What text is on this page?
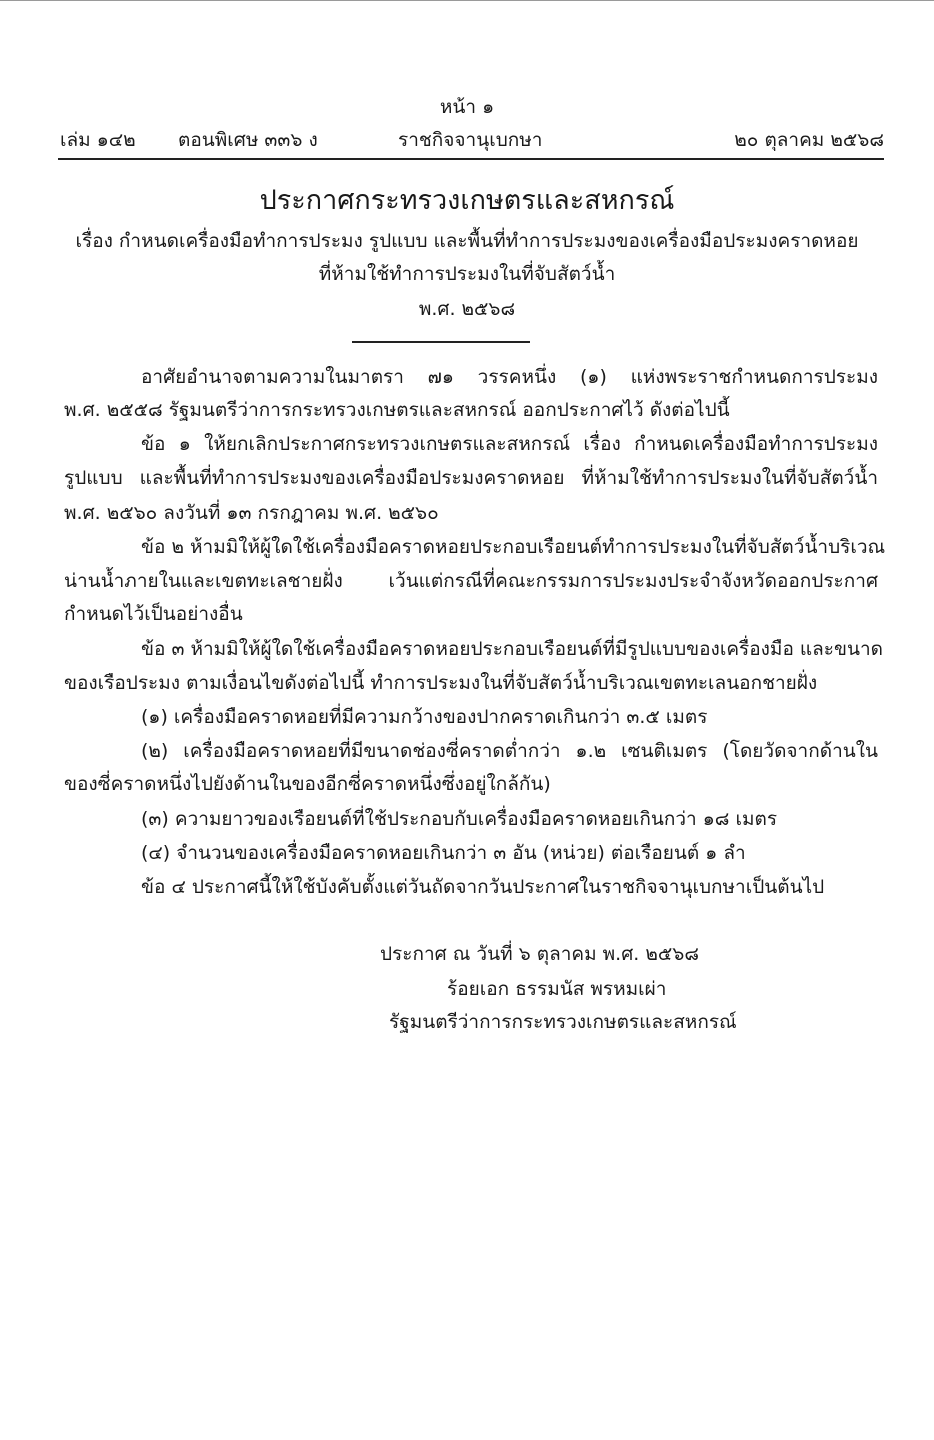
หน้า ๑
เล่ม ๑๔๒ ตอนพิเศษ ๓๓๖ ง	ราชกิจจานุเบกษา	๒๐ ตุลาคม ๒๕๖๘
ประกาศกระทรวงเกษตรและสหกรณ์
เรื่อง กำหนดเครื่องมือทำการประมง รูปแบบ และพื้นที่ทำการประมงของเครื่องมือประมงคราดหอย
ที่ห้ามใช้ทำการประมงในที่จับสัตว์น้ำ
พ.ศ. ๒๕๖๘
อาศัยอำนาจตามความในมาตรา ๗๑ วรรคหนึ่ง (๑) แห่งพระราชกำหนดการประมง
พ.ศ. ๒๕๕๘ รัฐมนตรีว่าการกระทรวงเกษตรและสหกรณ์ ออกประกาศไว้ ดังต่อไปนี้
ข้อ ๑ ให้ยกเลิกประกาศกระทรวงเกษตรและสหกรณ์ เรื่อง กำหนดเครื่องมือทำการประมง
รูปแบบ และพื้นที่ทำการประมงของเครื่องมือประมงคราดหอย ที่ห้ามใช้ทำการประมงในที่จับสัตว์น้ำ
พ.ศ. ๒๕๖๐ ลงวันที่ ๑๓ กรกฎาคม พ.ศ. ๒๕๖๐
ข้อ ๒ ห้ามมิให้ผู้ใดใช้เครื่องมือคราดหอยประกอบเรือยนต์ทำการประมงในที่จับสัตว์น้ำบริเวณ
น่านน้ำภายในและเขตทะเลชายฝั่ง เว้นแต่กรณีที่คณะกรรมการประมงประจำจังหวัดออกประกาศ
กำหนดไว้เป็นอย่างอื่น
ข้อ ๓ ห้ามมิให้ผู้ใดใช้เครื่องมือคราดหอยประกอบเรือยนต์ที่มีรูปแบบของเครื่องมือ และขนาด
ของเรือประมง ตามเงื่อนไขดังต่อไปนี้ ทำการประมงในที่จับสัตว์น้ำบริเวณเขตทะเลนอกชายฝั่ง
(๑) เครื่องมือคราดหอยที่มีความกว้างของปากคราดเกินกว่า ๓.๕ เมตร
(๒) เครื่องมือคราดหอยที่มีขนาดช่องซี่คราดต่ำกว่า ๑.๒ เซนติเมตร (โดยวัดจากด้านใน
ของซี่คราดหนึ่งไปยังด้านในของอีกซี่คราดหนึ่งซึ่งอยู่ใกล้กัน)
(๓) ความยาวของเรือยนต์ที่ใช้ประกอบกับเครื่องมือคราดหอยเกินกว่า ๑๘ เมตร
(๔) จำนวนของเครื่องมือคราดหอยเกินกว่า ๓ อัน (หน่วย) ต่อเรือยนต์ ๑ ลำ
ข้อ ๔ ประกาศนี้ให้ใช้บังคับตั้งแต่วันถัดจากวันประกาศในราชกิจจานุเบกษาเป็นต้นไป
ประกาศ ณ วันที่ ๖ ตุลาคม พ.ศ. ๒๕๖๘
ร้อยเอก ธรรมนัส พรหมเผ่า
รัฐมนตรีว่าการกระทรวงเกษตรและสหกรณ์
